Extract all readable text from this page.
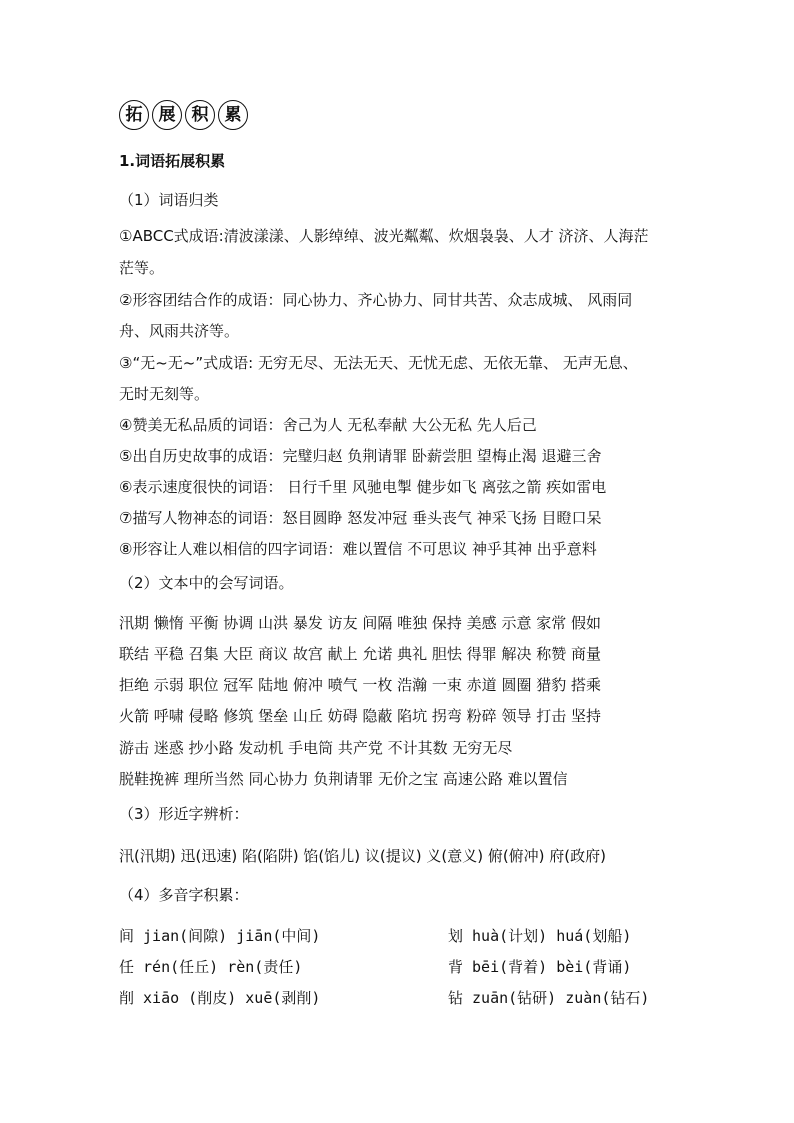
拓 展 积 累
1.词语拓展积累
（1）词语归类
①ABCC式成语:清波漾漾、人影绰绰、波光粼粼、炊烟袅袅、人才 济济、人海茫
茫等。
②形容团结合作的成语：同心协力、齐心协力、同甘共苦、众志成城、 风雨同
舟、风雨共济等。
③“无~无~”式成语: 无穷无尽、无法无天、无忧无虑、无依无靠、 无声无息、
无时无刻等。
④赞美无私品质的词语：舍己为人 无私奉献 大公无私 先人后己
⑤出自历史故事的成语：完璧归赵 负荆请罪 卧薪尝胆 望梅止渴 退避三舍
⑥表示速度很快的词语： 日行千里 风驰电掣 健步如飞 离弦之箭 疾如雷电
⑦描写人物神态的词语：怒目圆睁 怒发冲冠 垂头丧气 神采飞扬 目瞪口呆
⑧形容让人难以相信的四字词语：难以置信 不可思议 神乎其神 出乎意料
（2）文本中的会写词语。
汛期 懒惰 平衡 协调 山洪 暴发 访友 间隔 唯独 保持 美感 示意 家常 假如
联结 平稳 召集 大臣 商议 故宫 献上 允诺 典礼 胆怯 得罪 解决 称赞 商量
拒绝 示弱 职位 冠军 陆地 俯冲 喷气 一枚 浩瀚 一束 赤道 圆圈 猎豹 搭乘
火箭 呼啸 侵略 修筑 堡垒 山丘 妨碍 隐蔽 陷坑 拐弯 粉碎 领导 打击 坚持
游击 迷惑 抄小路 发动机 手电筒 共产党 不计其数 无穷无尽
脱鞋挽裤 理所当然 同心协力 负荆请罪 无价之宝 高速公路 难以置信
（3）形近字辨析：
汛(汛期) 迅(迅速) 陷(陷阱) 馅(馅儿) 议(提议) 义(意义) 俯(俯冲) 府(政府)
（4）多音字积累：
间 jian(间隙) jiān(中间)	划 huà(计划) huá(划船)
任 rén(任丘) rèn(责任)	背 bēi(背着) bèi(背诵)
削 xiāo (削皮) xuē(剥削)	钻 zuān(钻研) zuàn(钻石)
